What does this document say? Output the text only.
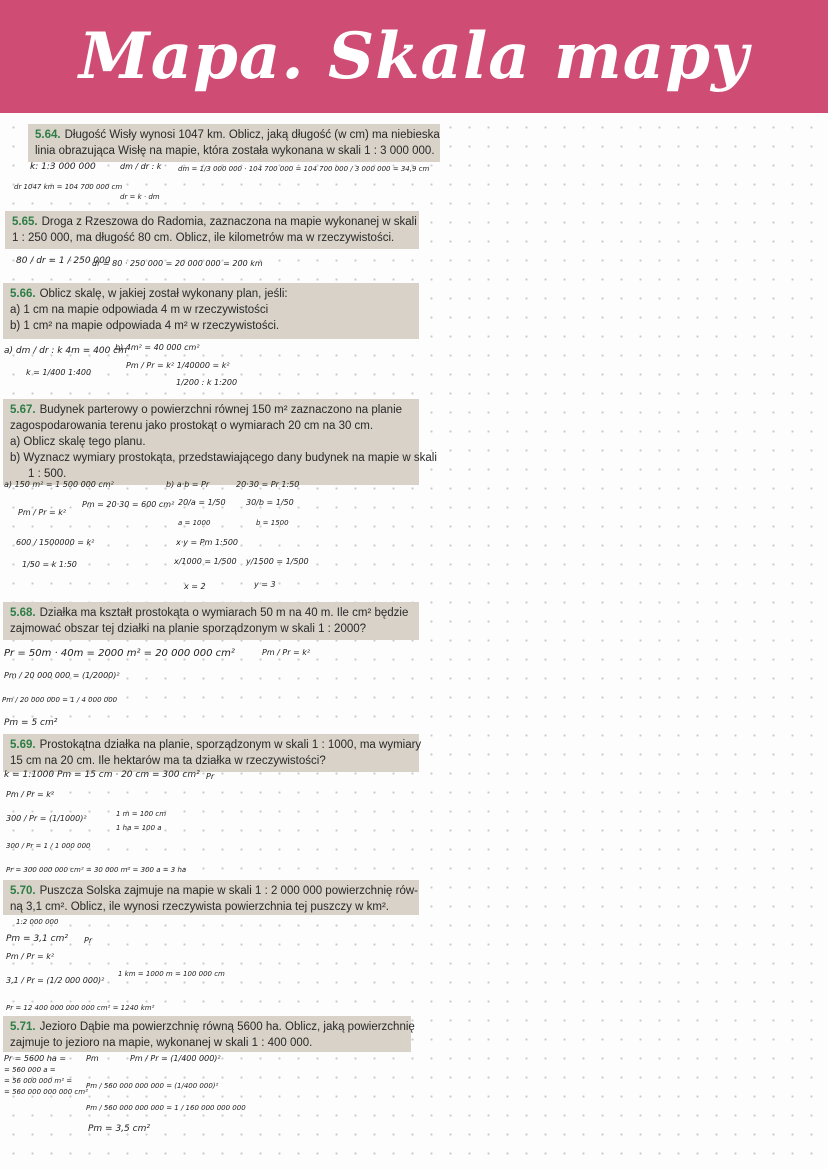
Mapa. Skala mapy
5.64. Długość Wisły wynosi 1047 km. Oblicz, jaką długość (w cm) ma niebieska
linia obrazująca Wisłę na mapie, która została wykonana w skali 1 : 3 000 000.
k: 1:3 000 000	dm / dr : k dm = 1/3 000 000 · 104 700 000 = 104 700 000 / 3 000 000 = 34,9 cm
dr 1047 km = 104 700 000 cm
dr = k · dm
5.65. Droga z Rzeszowa do Radomia, zaznaczona na mapie wykonanej w skali
1 : 250 000, ma długość 80 cm. Oblicz, ile kilometrów ma w rzeczywistości.
80 / dr = 1 / 250 000
dr = 80 · 250 000 = 20 000 000 = 200 km
5.66. Oblicz skalę, w jakiej został wykonany plan, jeśli:
a) 1 cm na mapie odpowiada 4 m w rzeczywistości
b) 1 cm² na mapie odpowiada 4 m² w rzeczywistości.
a) dm / dr : k 4m = 400 cm
k = 1/400 1:400
b) 4m² = 40 000 cm²
Pm / Pr = k² 1/40000 = k²
1/200 : k 1:200
5.67. Budynek parterowy o powierzchni równej 150 m² zaznaczono na planie
zagospodarowania terenu jako prostokąt o wymiarach 20 cm na 30 cm.
a) Oblicz skalę tego planu.
b) Wyznacz wymiary prostokąta, przedstawiającego dany budynek na mapie w skali
1 : 500.
a) 150 m² = 1 500 000 cm²
Pm / Pr = k²
Pm = 20·30 = 600 cm²
600 / 1500000 = k²
1/50 = k 1:50
b) a·b = Pr
20/a = 1/50
a = 1000
x·y = Pm 1:500
x/1000 = 1/500
x = 2
20·30 = Pr 1:50
30/b = 1/50
b = 1500
y/1500 = 1/500
y = 3
5.68. Działka ma kształt prostokąta o wymiarach 50 m na 40 m. Ile cm² będzie
zajmować obszar tej działki na planie sporządzonym w skali 1 : 2000?
Pr = 50m · 40m = 2000 m² = 20 000 000 cm²	Pm / Pr = k²
Pm / 20 000 000 = (1/2000)²
Pm / 20 000 000 = 1 / 4 000 000
Pm = 5 cm²
5.69. Prostokątna działka na planie, sporządzonym w skali 1 : 1000, ma wymiary
15 cm na 20 cm. Ile hektarów ma ta działka w rzeczywistości?
k = 1:1000 Pm = 15 cm · 20 cm = 300 cm² Pr
Pm / Pr = k²
300 / Pr = (1/1000)²	1 m = 100 cm
1 ha = 100 a
300 / Pr = 1 / 1 000 000
Pr = 300 000 000 cm² = 30 000 m² = 300 a = 3 ha
5.70. Puszcza Solska zajmuje na mapie w skali 1 : 2 000 000 powierzchnię rów-
ną 3,1 cm². Oblicz, ile wynosi rzeczywista powierzchnia tej puszczy w km².
1:2 000 000
Pm = 3,1 cm² Pr
Pm / Pr = k²
3,1 / Pr = (1/2 000 000)²
1 km = 1000 m = 100 000 cm
Pr = 12 400 000 000 000 cm² = 1240 km²
5.71. Jezioro Dąbie ma powierzchnię równą 5600 ha. Oblicz, jaką powierzchnię
zajmuje to jezioro na mapie, wykonanej w skali 1 : 400 000.
Pr = 5600 ha =
= 560 000 a =
= 56 000 000 m² =
= 560 000 000 000 cm²
Pm	Pm / Pr = (1/400 000)²
Pm / 560 000 000 000 = (1/400 000)²
Pm / 560 000 000 000 = 1 / 160 000 000 000
Pm = 3,5 cm²
